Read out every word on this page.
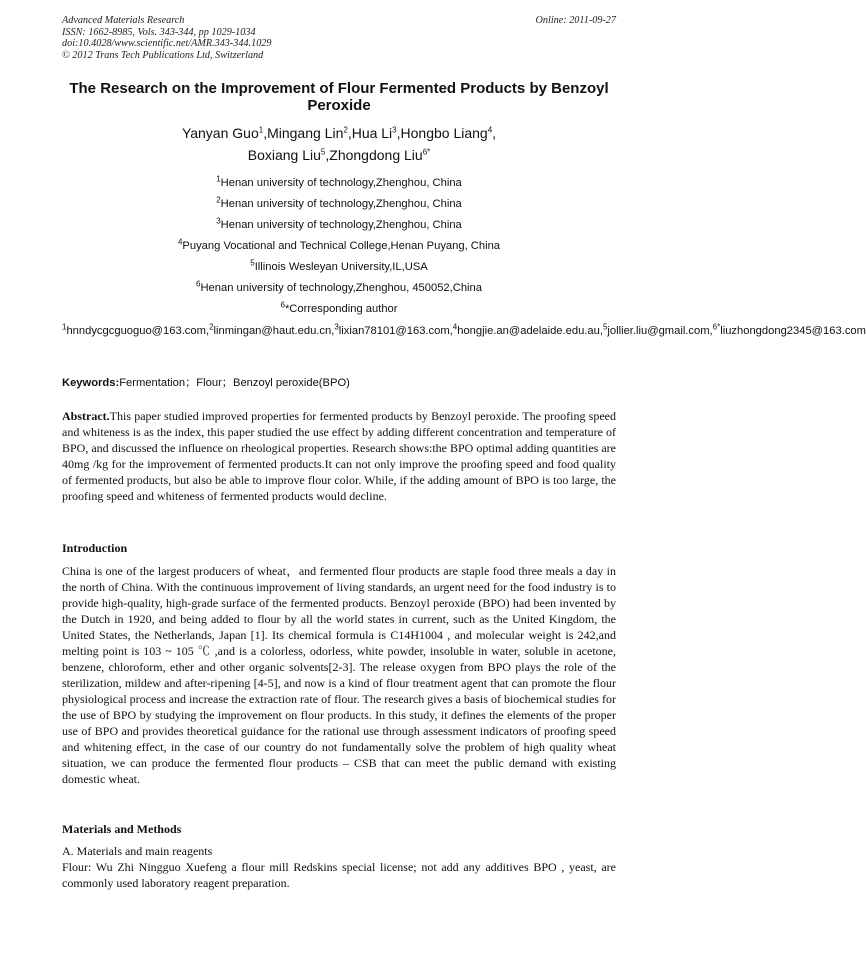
Advanced Materials Research
ISSN: 1662-8985, Vols. 343-344, pp 1029-1034
doi:10.4028/www.scientific.net/AMR.343-344.1029
© 2012 Trans Tech Publications Ltd, Switzerland
Online: 2011-09-27
The Research on the Improvement of Flour Fermented Products by Benzoyl Peroxide
Yanyan Guo$^1$,Mingang Lin$^2$,Hua Li$^3$,Hongbo Liang$^4$,
Boxiang Liu$^5$,Zhongdong Liu$^{6*}$
$^1$Henan university of technology,Zhenghou, China
$^2$Henan university of technology,Zhenghou, China
$^3$Henan university of technology,Zhenghou, China
$^4$Puyang Vocational and Technical College,Henan Puyang, China
$^5$Illinois Wesleyan University,IL,USA
$^6$Henan university of technology,Zhenghou, 450052,China
$^6$*Corresponding author
$^1$hnndycgcguoguo@163.com,$^2$linmingan@haut.edu.cn,$^3$lixian78101@163.com,$^4$hongjie.an@adelaide.edu.au,$^5$jollier.liu@gmail.com,$^{6*}$liuzhongdong2345@163.com
Keywords:Fermentation；Flour；Benzoyl peroxide(BPO)
Abstract.This paper studied improved properties for fermented products by Benzoyl peroxide. The proofing speed and whiteness is as the index, this paper studied the use effect by adding different concentration and temperature of BPO, and discussed the influence on rheological properties. Research shows:the BPO optimal adding quantities are 40mg /kg for the improvement of fermented products.It can not only improve the proofing speed and food quality of fermented products, but also be able to improve flour color. While, if the adding amount of BPO is too large, the proofing speed and whiteness of fermented products would decline.
Introduction
China is one of the largest producers of wheat，and fermented flour products are staple food three meals a day in the north of China. With the continuous improvement of living standards, an urgent need for the food industry is to provide high-quality, high-grade surface of the fermented products. Benzoyl peroxide (BPO) had been invented by the Dutch in 1920, and being added to flour by all the world states in current, such as the United Kingdom, the United States, the Netherlands, Japan [1]. Its chemical formula is C14H1004 , and molecular weight is 242,and melting point is 103 ~ 105 ℃ ,and is a colorless, odorless, white powder, insoluble in water, soluble in acetone, benzene, chloroform, ether and other organic solvents[2-3]. The release oxygen from BPO plays the role of the sterilization, mildew and after-ripening [4-5], and now is a kind of flour treatment agent that can promote the flour physiological process and increase the extraction rate of flour. The research gives a basis of biochemical studies for the use of BPO by studying the improvement on flour products. In this study, it defines the elements of the proper use of BPO and provides theoretical guidance for the rational use through assessment indicators of proofing speed and whitening effect, in the case of our country do not fundamentally solve the problem of high quality wheat situation, we can produce the fermented flour products – CSB that can meet the public demand with existing domestic wheat.
Materials and Methods
A. Materials and main reagents
Flour: Wu Zhi Ningguo Xuefeng a flour mill Redskins special license; not add any additives BPO , yeast, are commonly used laboratory reagent preparation.
